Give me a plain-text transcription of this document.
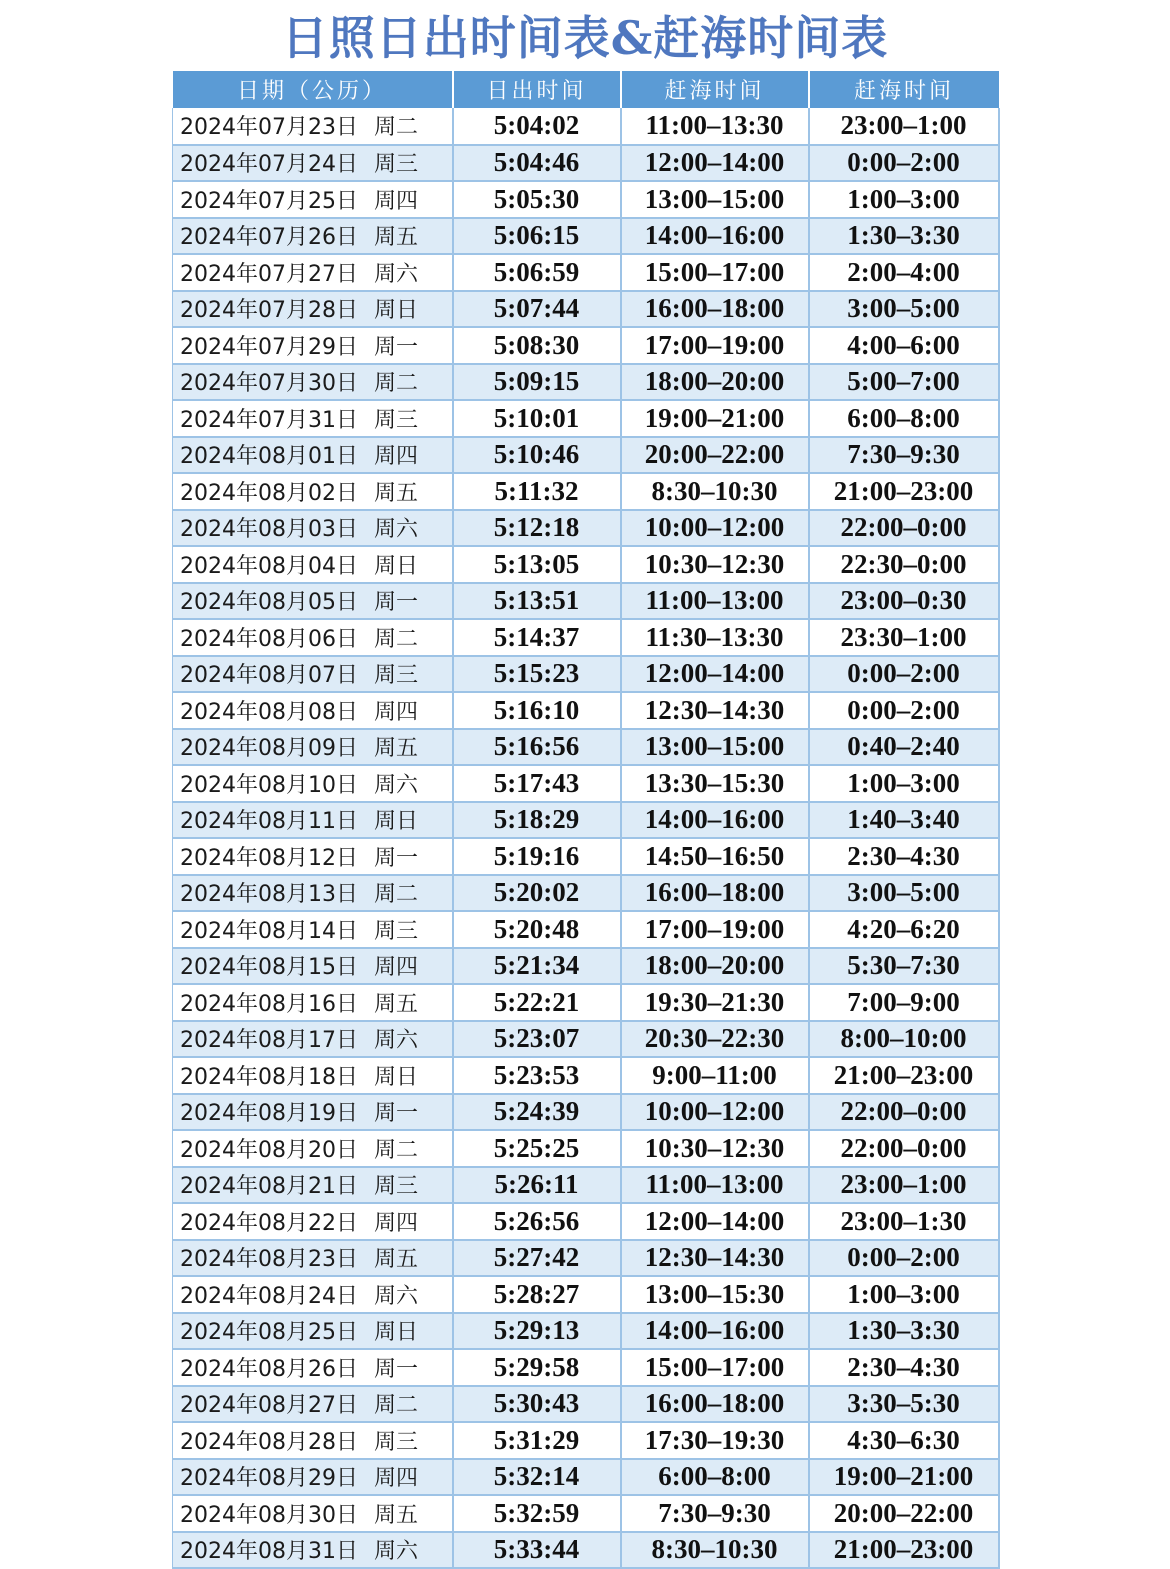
日照日出时间表&赶海时间表
日期（公历）	日出时间	赶海时间	赶海时间
2024年07月23日 周二	5:04:02	11:00–13:30	23:00–1:00
2024年07月24日 周三	5:04:46	12:00–14:00	0:00–2:00
2024年07月25日 周四	5:05:30	13:00–15:00	1:00–3:00
2024年07月26日 周五	5:06:15	14:00–16:00	1:30–3:30
2024年07月27日 周六	5:06:59	15:00–17:00	2:00–4:00
2024年07月28日 周日	5:07:44	16:00–18:00	3:00–5:00
2024年07月29日 周一	5:08:30	17:00–19:00	4:00–6:00
2024年07月30日 周二	5:09:15	18:00–20:00	5:00–7:00
2024年07月31日 周三	5:10:01	19:00–21:00	6:00–8:00
2024年08月01日 周四	5:10:46	20:00–22:00	7:30–9:30
2024年08月02日 周五	5:11:32	8:30–10:30	21:00–23:00
2024年08月03日 周六	5:12:18	10:00–12:00	22:00–0:00
2024年08月04日 周日	5:13:05	10:30–12:30	22:30–0:00
2024年08月05日 周一	5:13:51	11:00–13:00	23:00–0:30
2024年08月06日 周二	5:14:37	11:30–13:30	23:30–1:00
2024年08月07日 周三	5:15:23	12:00–14:00	0:00–2:00
2024年08月08日 周四	5:16:10	12:30–14:30	0:00–2:00
2024年08月09日 周五	5:16:56	13:00–15:00	0:40–2:40
2024年08月10日 周六	5:17:43	13:30–15:30	1:00–3:00
2024年08月11日 周日	5:18:29	14:00–16:00	1:40–3:40
2024年08月12日 周一	5:19:16	14:50–16:50	2:30–4:30
2024年08月13日 周二	5:20:02	16:00–18:00	3:00–5:00
2024年08月14日 周三	5:20:48	17:00–19:00	4:20–6:20
2024年08月15日 周四	5:21:34	18:00–20:00	5:30–7:30
2024年08月16日 周五	5:22:21	19:30–21:30	7:00–9:00
2024年08月17日 周六	5:23:07	20:30–22:30	8:00–10:00
2024年08月18日 周日	5:23:53	9:00–11:00	21:00–23:00
2024年08月19日 周一	5:24:39	10:00–12:00	22:00–0:00
2024年08月20日 周二	5:25:25	10:30–12:30	22:00–0:00
2024年08月21日 周三	5:26:11	11:00–13:00	23:00–1:00
2024年08月22日 周四	5:26:56	12:00–14:00	23:00–1:30
2024年08月23日 周五	5:27:42	12:30–14:30	0:00–2:00
2024年08月24日 周六	5:28:27	13:00–15:30	1:00–3:00
2024年08月25日 周日	5:29:13	14:00–16:00	1:30–3:30
2024年08月26日 周一	5:29:58	15:00–17:00	2:30–4:30
2024年08月27日 周二	5:30:43	16:00–18:00	3:30–5:30
2024年08月28日 周三	5:31:29	17:30–19:30	4:30–6:30
2024年08月29日 周四	5:32:14	6:00–8:00	19:00–21:00
2024年08月30日 周五	5:32:59	7:30–9:30	20:00–22:00
2024年08月31日 周六	5:33:44	8:30–10:30	21:00–23:00
